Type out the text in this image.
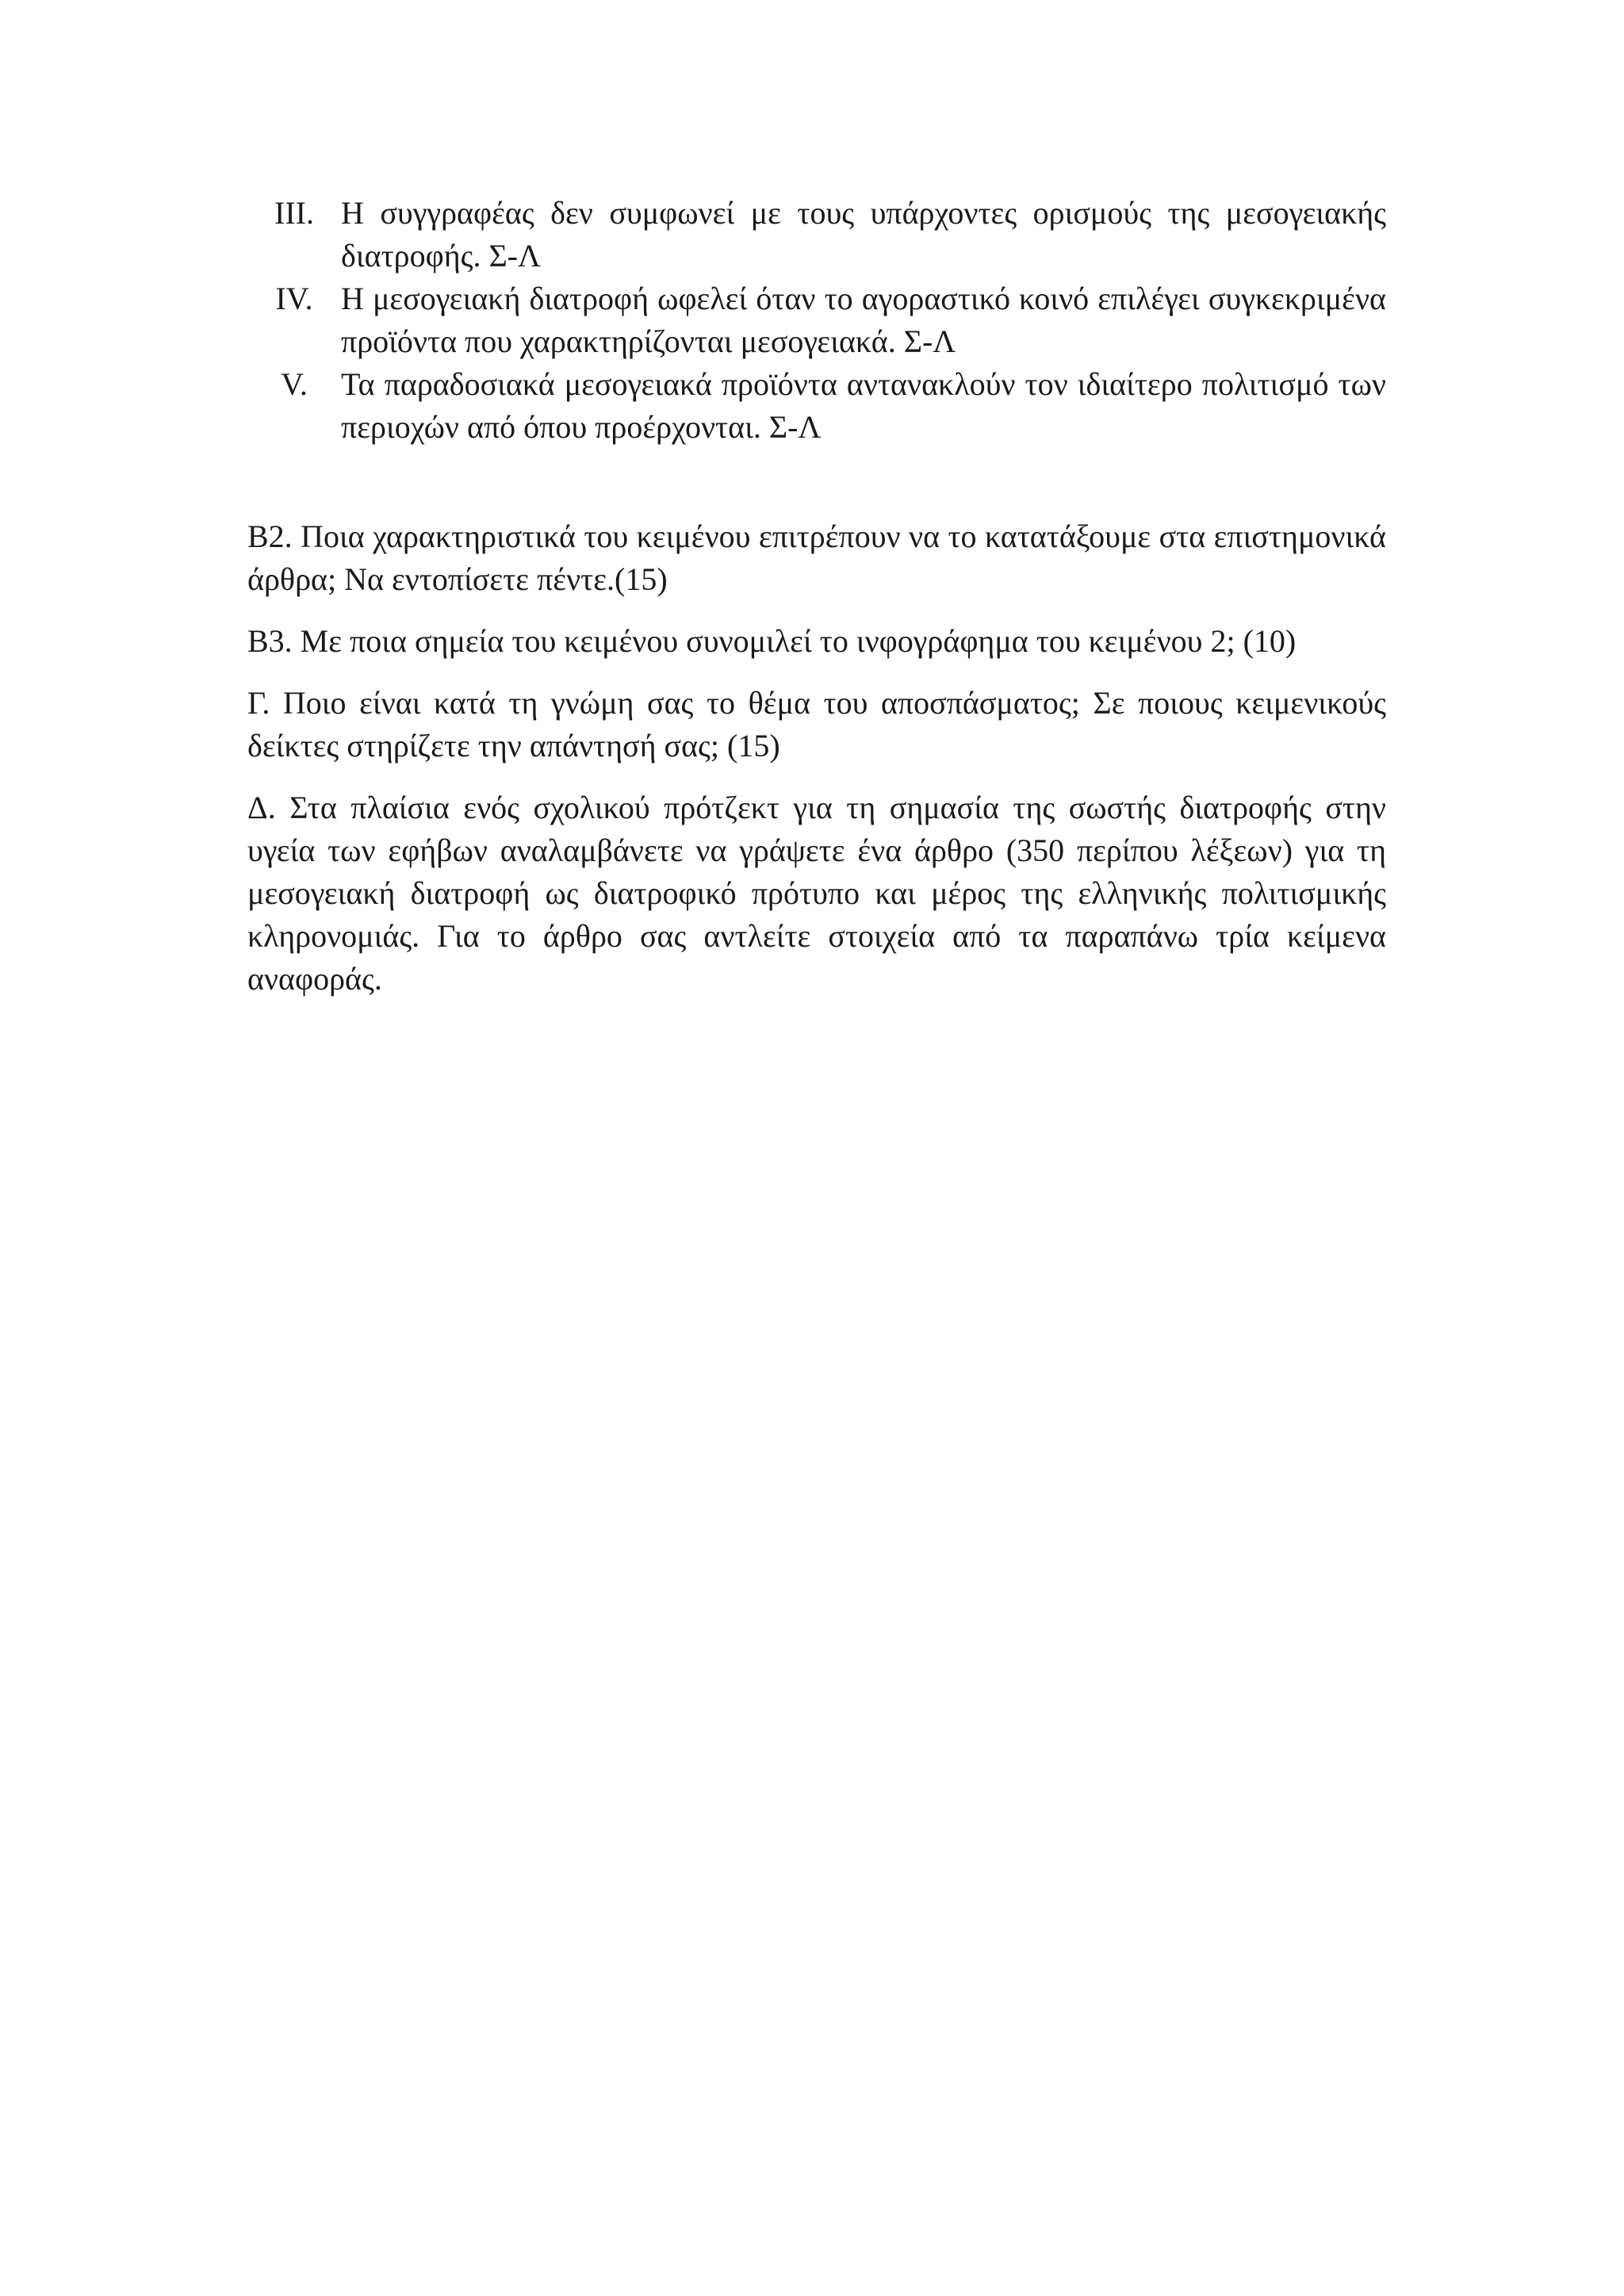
III. Η συγγραφέας δεν συμφωνεί με τους υπάρχοντες ορισμούς της μεσογειακής διατροφής. Σ-Λ
IV. Η μεσογειακή διατροφή ωφελεί όταν το αγοραστικό κοινό επιλέγει συγκεκριμένα προϊόντα που χαρακτηρίζονται μεσογειακά. Σ-Λ
V.	Τα παραδοσιακά μεσογειακά προϊόντα αντανακλούν τον ιδιαίτερο πολιτισμό των περιοχών από όπου προέρχονται. Σ-Λ

Β2. Ποια χαρακτηριστικά του κειμένου επιτρέπουν να το κατατάξουμε στα επιστημονικά άρθρα; Να εντοπίσετε πέντε.(15)

Β3. Με ποια σημεία του κειμένου συνομιλεί το ινφογράφημα του κειμένου 2; (10)

Γ. Ποιο είναι κατά τη γνώμη σας το θέμα του αποσπάσματος; Σε ποιους κειμενικούς δείκτες στηρίζετε την απάντησή σας; (15)

Δ. Στα πλαίσια ενός σχολικού πρότζεκτ για τη σημασία της σωστής διατροφής στην υγεία των εφήβων αναλαμβάνετε να γράψετε ένα άρθρο (350 περίπου λέξεων) για τη μεσογειακή διατροφή ως διατροφικό πρότυπο και μέρος της ελληνικής πολιτισμικής κληρονομιάς. Για το άρθρο σας αντλείτε στοιχεία από τα παραπάνω τρία κείμενα αναφοράς.
